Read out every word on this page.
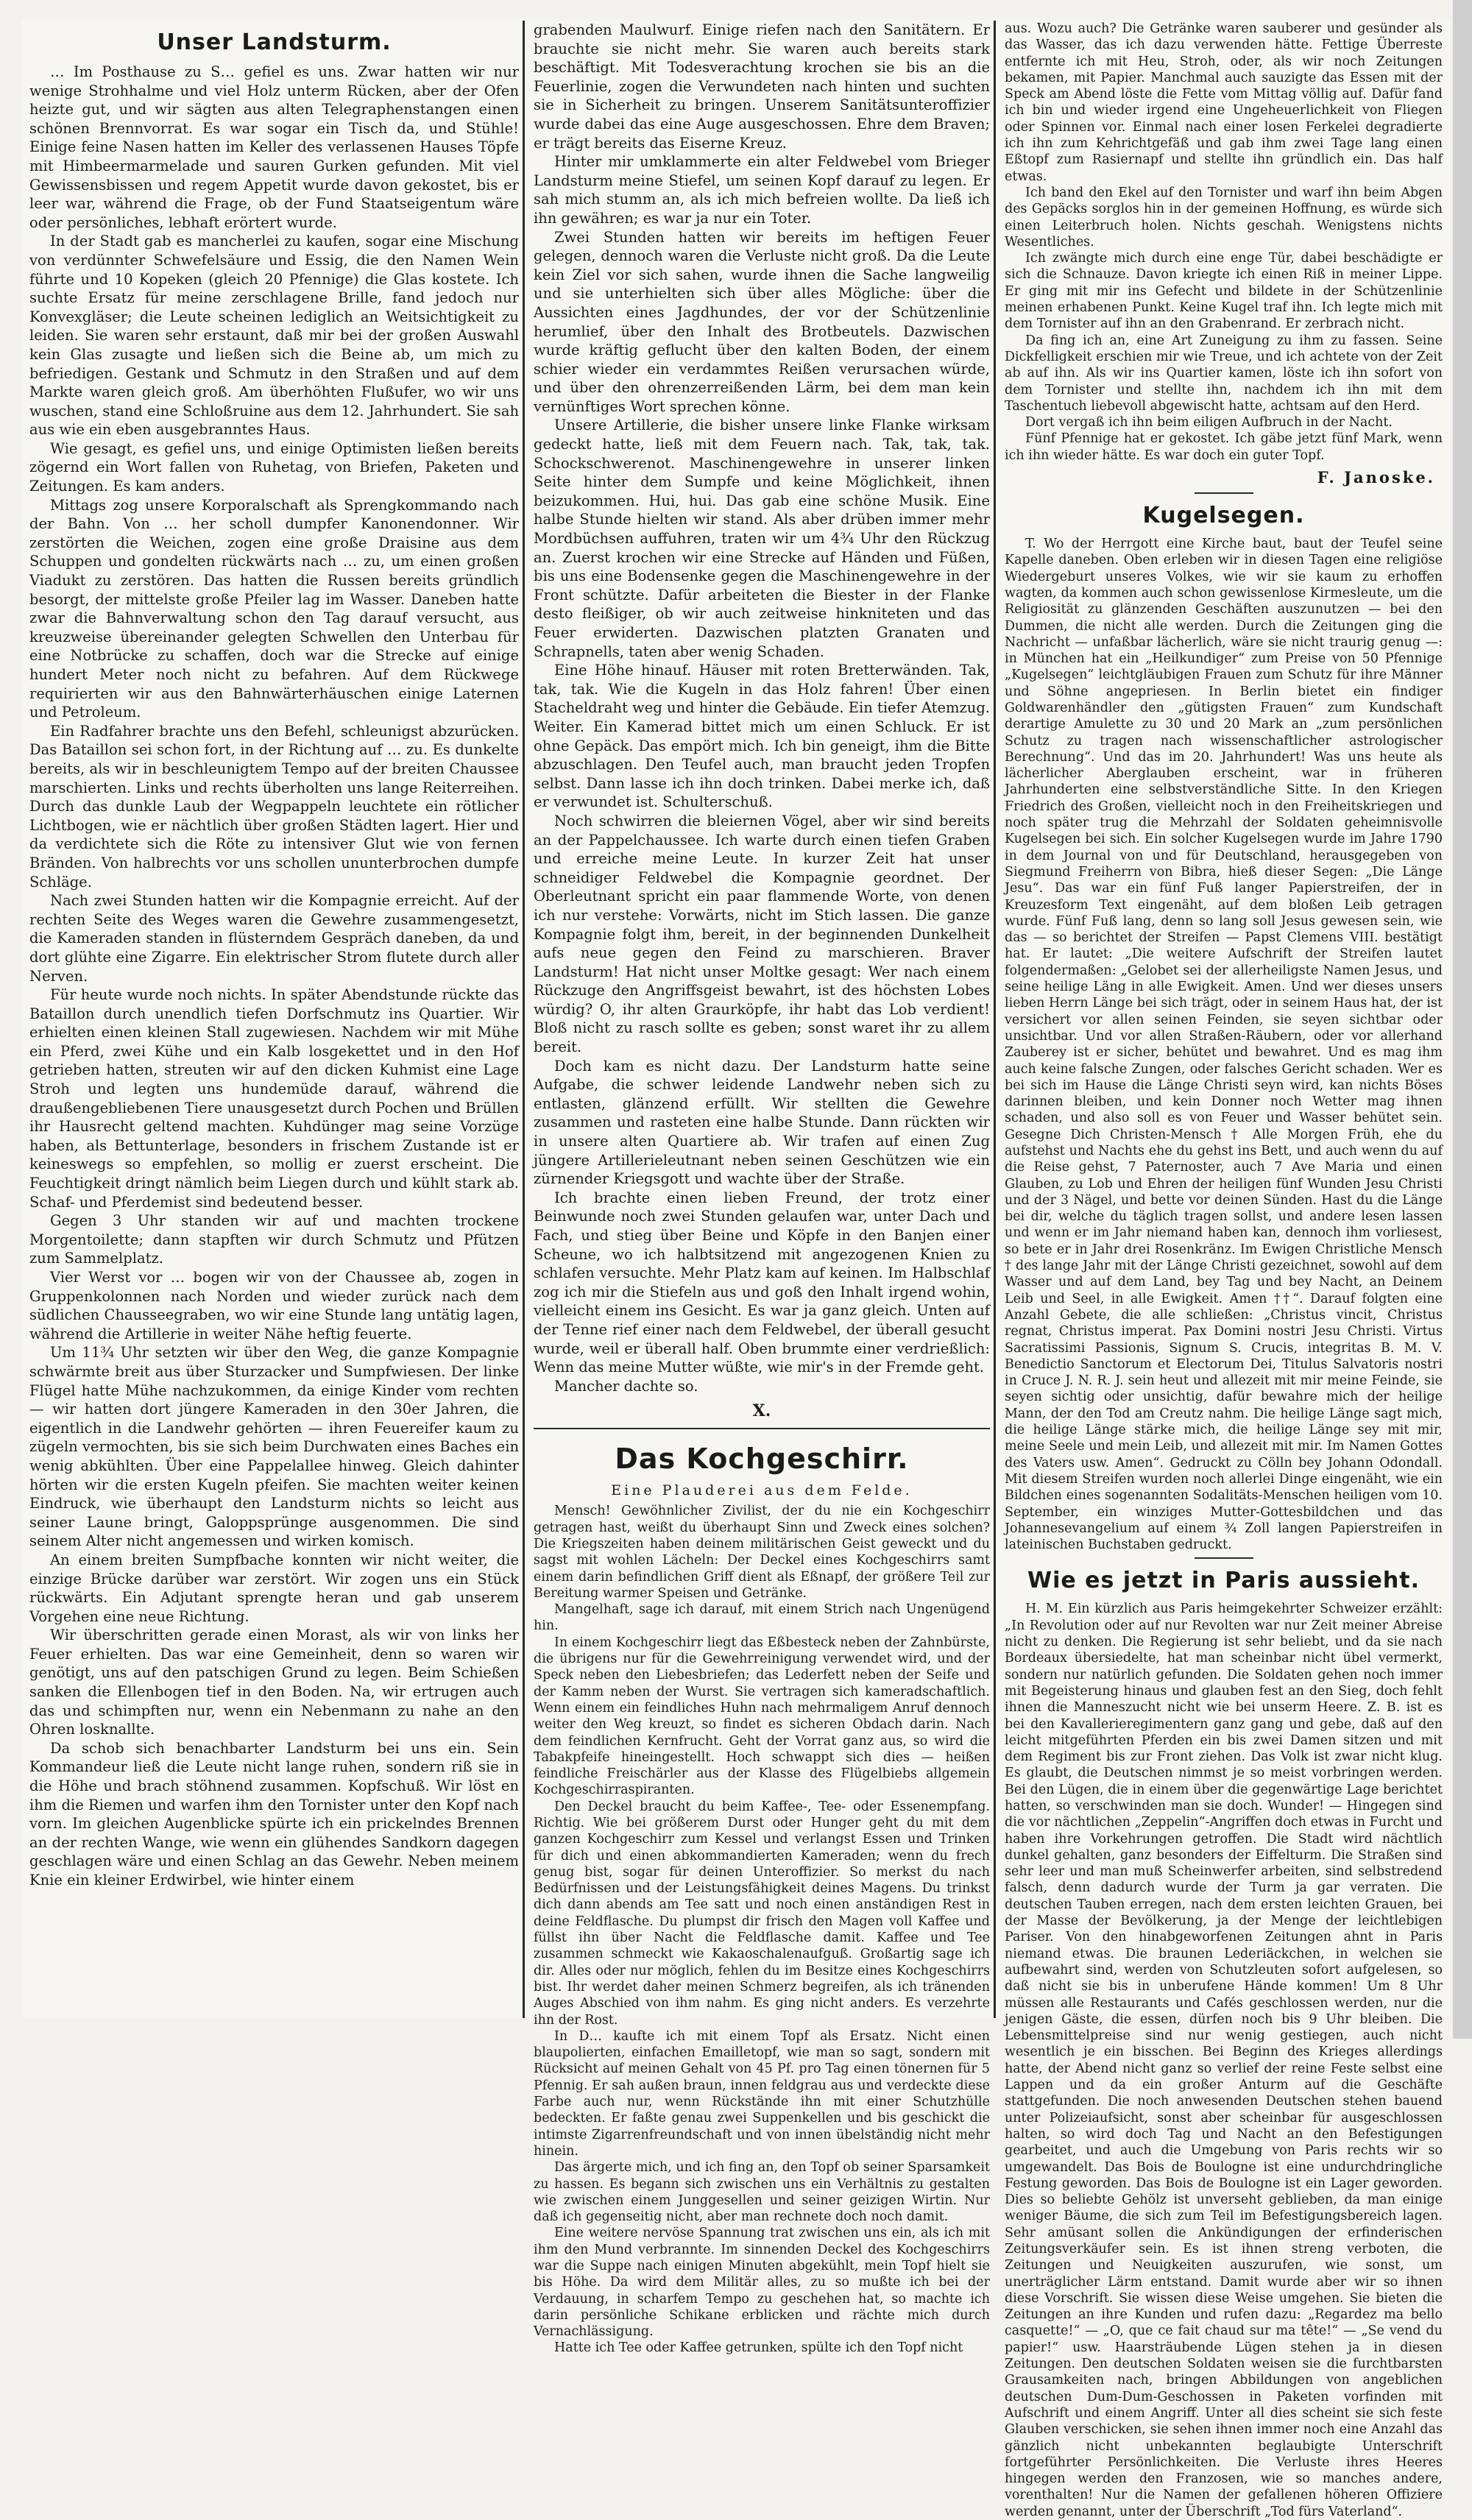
Unser Landsturm.

… Im Posthause zu S… gefiel es uns. Zwar hatten wir nur wenige Strohhalme und viel Holz unterm Rücken, aber der Ofen heizte gut, und wir sägten aus alten Telegraphenstangen einen schönen Brennvorrat. Es war sogar ein Tisch da, und Stühle! Einige feine Nasen hatten im Keller des verlassenen Hauses Töpfe mit Himbeermarmelade und sauren Gurken gefunden. Mit viel Gewissensbissen und regem Appetit wurde davon gekostet, bis er leer war, während die Frage, ob der Fund Staatseigentum wäre oder persönliches, lebhaft erörtert wurde.

In der Stadt gab es mancherlei zu kaufen, sogar eine Mischung von verdünnter Schwefelsäure und Essig, die den Namen Wein führte und 10 Kopeken (gleich 20 Pfennige) die Glas kostete. Ich suchte Ersatz für meine zerschlagene Brille, fand jedoch nur Konvexgläser; die Leute scheinen lediglich an Weitsichtigkeit zu leiden. Sie waren sehr erstaunt, daß mir bei der großen Auswahl kein Glas zusagte und ließen sich die Beine ab, um mich zu befriedigen. Gestank und Schmutz in den Straßen und auf dem Markte waren gleich groß. Am überhöhten Flußufer, wo wir uns wuschen, stand eine Schloßruine aus dem 12. Jahrhundert. Sie sah aus wie ein eben ausgebranntes Haus.

Wie gesagt, es gefiel uns, und einige Optimisten ließen bereits zögernd ein Wort fallen von Ruhetag, von Briefen, Paketen und Zeitungen. Es kam anders.

Mittags zog unsere Korporalschaft als Sprengkommando nach der Bahn. Von … her scholl dumpfer Kanonendonner. Wir zerstörten die Weichen, zogen eine große Draisine aus dem Schuppen und gondelten rückwärts nach … zu, um einen großen Viadukt zu zerstören. Das hatten die Russen bereits gründlich besorgt, der mittelste große Pfeiler lag im Wasser. Daneben hatte zwar die Bahnverwaltung schon den Tag darauf versucht, aus kreuzweise übereinander gelegten Schwellen den Unterbau für eine Notbrücke zu schaffen, doch war die Strecke auf einige hundert Meter noch nicht zu befahren. Auf dem Rückwege requirierten wir aus den Bahnwärterhäuschen einige Laternen und Petroleum.

Ein Radfahrer brachte uns den Befehl, schleunigst abzurücken. Das Bataillon sei schon fort, in der Richtung auf … zu. Es dunkelte bereits, als wir in beschleunigtem Tempo auf der breiten Chaussee marschierten. Links und rechts überholten uns lange Reiterreihen. Durch das dunkle Laub der Wegpappeln leuchtete ein rötlicher Lichtbogen, wie er nächtlich über großen Städten lagert. Hier und da verdichtete sich die Röte zu intensiver Glut wie von fernen Bränden. Von halbrechts vor uns schollen ununterbrochen dumpfe Schläge.

Nach zwei Stunden hatten wir die Kompagnie erreicht. Auf der rechten Seite des Weges waren die Gewehre zusammengesetzt, die Kameraden standen in flüsterndem Gespräch daneben, da und dort glühte eine Zigarre. Ein elektrischer Strom flutete durch aller Nerven.

Für heute wurde noch nichts. In später Abendstunde rückte das Bataillon durch unendlich tiefen Dorfschmutz ins Quartier. Wir erhielten einen kleinen Stall zugewiesen. Nachdem wir mit Mühe ein Pferd, zwei Kühe und ein Kalb losgekettet und in den Hof getrieben hatten, streuten wir auf den dicken Kuhmist eine Lage Stroh und legten uns hundemüde darauf, während die draußengebliebenen Tiere unausgesetzt durch Pochen und Brüllen ihr Hausrecht geltend machten. Kuhdünger mag seine Vorzüge haben, als Bettunterlage, besonders in frischem Zustande ist er keineswegs so empfehlen, so mollig er zuerst erscheint. Die Feuchtigkeit dringt nämlich beim Liegen durch und kühlt stark ab. Schaf- und Pferdemist sind bedeutend besser.

Gegen 3 Uhr standen wir auf und machten trockene Morgentoilette; dann stapften wir durch Schmutz und Pfützen zum Sammelplatz.

Vier Werst vor … bogen wir von der Chaussee ab, zogen in Gruppenkolonnen nach Norden und wieder zurück nach dem südlichen Chausseegraben, wo wir eine Stunde lang untätig lagen, während die Artillerie in weiter Nähe heftig feuerte.

Um 11¾ Uhr setzten wir über den Weg, die ganze Kompagnie schwärmte breit aus über Sturzacker und Sumpfwiesen. Der linke Flügel hatte Mühe nachzukommen, da einige Kinder vom rechten — wir hatten dort jüngere Kameraden in den 30er Jahren, die eigentlich in die Landwehr gehörten — ihren Feuereifer kaum zu zügeln vermochten, bis sie sich beim Durchwaten eines Baches ein wenig abkühlten. Über eine Pappelallee hinweg. Gleich dahinter hörten wir die ersten Kugeln pfeifen. Sie machten weiter keinen Eindruck, wie überhaupt den Landsturm nichts so leicht aus seiner Laune bringt, Galoppsprünge ausgenommen. Die sind seinem Alter nicht angemessen und wirken komisch.

An einem breiten Sumpfbache konnten wir nicht weiter, die einzige Brücke darüber war zerstört. Wir zogen uns ein Stück rückwärts. Ein Adjutant sprengte heran und gab unserem Vorgehen eine neue Richtung.

Wir überschritten gerade einen Morast, als wir von links her Feuer erhielten. Das war eine Gemeinheit, denn so waren wir genötigt, uns auf den patschigen Grund zu legen. Beim Schießen sanken die Ellenbogen tief in den Boden. Na, wir ertrugen auch das und schimpften nur, wenn ein Nebenmann zu nahe an den Ohren losknallte.

Da schob sich benachbarter Landsturm bei uns ein. Sein Kommandeur ließ die Leute nicht lange ruhen, sondern riß sie in die Höhe und brach stöhnend zusammen. Kopfschuß. Wir löst en ihm die Riemen und warfen ihm den Tornister unter den Kopf nach vorn. Im gleichen Augenblicke spürte ich ein prickelndes Brennen an der rechten Wange, wie wenn ein glühendes Sandkorn dagegen geschlagen wäre und einen Schlag an das Gewehr. Neben meinem Knie ein kleiner Erdwirbel, wie hinter einem

grabenden Maulwurf. Einige riefen nach den Sanitätern. Er brauchte sie nicht mehr. Sie waren auch bereits stark beschäftigt. Mit Todesverachtung krochen sie bis an die Feuerlinie, zogen die Verwundeten nach hinten und suchten sie in Sicherheit zu bringen. Unserem Sanitätsunteroffizier wurde dabei das eine Auge ausgeschossen. Ehre dem Braven; er trägt bereits das Eiserne Kreuz.

Hinter mir umklammerte ein alter Feldwebel vom Brieger Landsturm meine Stiefel, um seinen Kopf darauf zu legen. Er sah mich stumm an, als ich mich befreien wollte. Da ließ ich ihn gewähren; es war ja nur ein Toter.

Zwei Stunden hatten wir bereits im heftigen Feuer gelegen, dennoch waren die Verluste nicht groß. Da die Leute kein Ziel vor sich sahen, wurde ihnen die Sache langweilig und sie unterhielten sich über alles Mögliche: über die Aussichten eines Jagdhundes, der vor der Schützenlinie herumlief, über den Inhalt des Brotbeutels. Dazwischen wurde kräftig geflucht über den kalten Boden, der einem schier wieder ein verdammtes Reißen verursachen würde, und über den ohrenzerreißenden Lärm, bei dem man kein vernünftiges Wort sprechen könne.

Unsere Artillerie, die bisher unsere linke Flanke wirksam gedeckt hatte, ließ mit dem Feuern nach. Tak, tak, tak. Schockschwerenot. Maschinengewehre in unserer linken Seite hinter dem Sumpfe und keine Möglichkeit, ihnen beizukommen. Hui, hui. Das gab eine schöne Musik. Eine halbe Stunde hielten wir stand. Als aber drüben immer mehr Mordbüchsen auffuhren, traten wir um 4¾ Uhr den Rückzug an. Zuerst krochen wir eine Strecke auf Händen und Füßen, bis uns eine Bodensenke gegen die Maschinengewehre in der Front schützte. Dafür arbeiteten die Biester in der Flanke desto fleißiger, ob wir auch zeitweise hinkniteten und das Feuer erwiderten. Dazwischen platzten Granaten und Schrapnells, taten aber wenig Schaden.

Eine Höhe hinauf. Häuser mit roten Bretterwänden. Tak, tak, tak. Wie die Kugeln in das Holz fahren! Über einen Stacheldraht weg und hinter die Gebäude. Ein tiefer Atemzug. Weiter. Ein Kamerad bittet mich um einen Schluck. Er ist ohne Gepäck. Das empört mich. Ich bin geneigt, ihm die Bitte abzuschlagen. Den Teufel auch, man braucht jeden Tropfen selbst. Dann lasse ich ihn doch trinken. Dabei merke ich, daß er verwundet ist. Schulterschuß.

Noch schwirren die bleiernen Vögel, aber wir sind bereits an der Pappelchaussee. Ich warte durch einen tiefen Graben und erreiche meine Leute. In kurzer Zeit hat unser schneidiger Feldwebel die Kompagnie geordnet. Der Oberleutnant spricht ein paar flammende Worte, von denen ich nur verstehe: Vorwärts, nicht im Stich lassen. Die ganze Kompagnie folgt ihm, bereit, in der beginnenden Dunkelheit aufs neue gegen den Feind zu marschieren. Braver Landsturm! Hat nicht unser Moltke gesagt: Wer nach einem Rückzuge den Angriffsgeist bewahrt, ist des höchsten Lobes würdig? O, ihr alten Graurköpfe, ihr habt das Lob verdient! Bloß nicht zu rasch sollte es geben; sonst waret ihr zu allem bereit.

Doch kam es nicht dazu. Der Landsturm hatte seine Aufgabe, die schwer leidende Landwehr neben sich zu entlasten, glänzend erfüllt. Wir stellten die Gewehre zusammen und rasteten eine halbe Stunde. Dann rückten wir in unsere alten Quartiere ab. Wir trafen auf einen Zug jüngere Artillerieleutnant neben seinen Geschützen wie ein zürnender Kriegsgott und wachte über der Straße.

Ich brachte einen lieben Freund, der trotz einer Beinwunde noch zwei Stunden gelaufen war, unter Dach und Fach, und stieg über Beine und Köpfe in den Banjen einer Scheune, wo ich halbtsitzend mit angezogenen Knien zu schlafen versuchte. Mehr Platz kam auf keinen. Im Halbschlaf zog ich mir die Stiefeln aus und goß den Inhalt irgend wohin, vielleicht einem ins Gesicht. Es war ja ganz gleich. Unten auf der Tenne rief einer nach dem Feldwebel, der überall gesucht wurde, weil er überall half. Oben brummte einer verdrießlich: Wenn das meine Mutter wüßte, wie mir's in der Fremde geht.

Mancher dachte so.

X.
Das Kochgeschirr.
Eine Plauderei aus dem Felde.

Mensch! Gewöhnlicher Zivilist, der du nie ein Kochgeschirr getragen hast, weißt du überhaupt Sinn und Zweck eines solchen? Die Kriegszeiten haben deinem militärischen Geist geweckt und du sagst mit wohlen Lächeln: Der Deckel eines Kochgeschirrs samt einem darin befindlichen Griff dient als Eßnapf, der größere Teil zur Bereitung warmer Speisen und Getränke.

Mangelhaft, sage ich darauf, mit einem Strich nach Ungenügend hin.

In einem Kochgeschirr liegt das Eßbesteck neben der Zahnbürste, die übrigens nur für die Gewehrreinigung verwendet wird, und der Speck neben den Liebesbriefen; das Lederfett neben der Seife und der Kamm neben der Wurst. Sie vertragen sich kameradschaftlich. Wenn einem ein feindliches Huhn nach mehrmaligem Anruf dennoch weiter den Weg kreuzt, so findet es sicheren Obdach darin. Nach dem feindlichen Kernfrucht. Geht der Vorrat ganz aus, so wird die Tabakpfeife hineingestellt. Hoch schwappt sich dies — heißen feindliche Freischärler aus der Klasse des Flügelbiebs allgemein Kochgeschirraspiranten.

Den Deckel braucht du beim Kaffee-, Tee- oder Essenempfang. Richtig. Wie bei größerem Durst oder Hunger geht du mit dem ganzen Kochgeschirr zum Kessel und verlangst Essen und Trinken für dich und einen abkommandierten Kameraden; wenn du frech genug bist, sogar für deinen Unteroffizier. So merkst du nach Bedürfnissen und der Leistungsfähigkeit deines Magens. Du trinkst dich dann abends am Tee satt und noch einen anständigen Rest in deine Feldflasche. Du plumpst dir frisch den Magen voll Kaffee und füllst ihn über Nacht die Feldflasche damit. Kaffee und Tee zusammen schmeckt wie Kakaoschalenaufguß. Großartig sage ich dir. Alles oder nur möglich, fehlen du im Besitze eines Kochgeschirrs bist. Ihr werdet daher meinen Schmerz begreifen, als ich tränenden Auges Abschied von ihm nahm. Es ging nicht anders. Es verzehrte ihn der Rost.

In D… kaufte ich mit einem Topf als Ersatz. Nicht einen blaupolierten, einfachen Emailletopf, wie man so sagt, sondern mit Rücksicht auf meinen Gehalt von 45 Pf. pro Tag einen tönernen für 5 Pfennig. Er sah außen braun, innen feldgrau aus und verdeckte diese Farbe auch nur, wenn Rückstände ihn mit einer Schutzhülle bedeckten. Er faßte genau zwei Suppenkellen und bis geschickt die intimste Zigarrenfreundschaft und von innen übelständig nicht mehr hinein.

Das ärgerte mich, und ich fing an, den Topf ob seiner Sparsamkeit zu hassen. Es begann sich zwischen uns ein Verhältnis zu gestalten wie zwischen einem Junggesellen und seiner geizigen Wirtin. Nur daß ich gegenseitig nicht, aber man rechnete doch noch damit.

Eine weitere nervöse Spannung trat zwischen uns ein, als ich mit ihm den Mund verbrannte. Im sinnenden Deckel des Kochgeschirrs war die Suppe nach einigen Minuten abgekühlt, mein Topf hielt sie bis Höhe. Da wird dem Militär alles, zu so mußte ich bei der Verdauung, in scharfem Tempo zu geschehen hat, so machte ich darin persönliche Schikane erblicken und rächte mich durch Vernachlässigung.

Hatte ich Tee oder Kaffee getrunken, spülte ich den Topf nicht

aus. Wozu auch? Die Getränke waren sauberer und gesünder als das Wasser, das ich dazu verwenden hätte. Fettige Überreste entfernte ich mit Heu, Stroh, oder, als wir noch Zeitungen bekamen, mit Papier. Manchmal auch sauzigte das Essen mit der Speck am Abend löste die Fette vom Mittag völlig auf. Dafür fand ich bin und wieder irgend eine Ungeheuerlichkeit von Fliegen oder Spinnen vor. Einmal nach einer losen Ferkelei degradierte ich ihn zum Kehrichtgefäß und gab ihm zwei Tage lang einen Eßtopf zum Rasiernapf und stellte ihn gründlich ein. Das half etwas.

Ich band den Ekel auf den Tornister und warf ihn beim Abgen des Gepäcks sorglos hin in der gemeinen Hoffnung, es würde sich einen Leiterbruch holen. Nichts geschah. Wenigstens nichts Wesentliches.

Ich zwängte mich durch eine enge Tür, dabei beschädigte er sich die Schnauze. Davon kriegte ich einen Riß in meiner Lippe. Er ging mit mir ins Gefecht und bildete in der Schützenlinie meinen erhabenen Punkt. Keine Kugel traf ihn. Ich legte mich mit dem Tornister auf ihn an den Grabenrand. Er zerbrach nicht.

Da fing ich an, eine Art Zuneigung zu ihm zu fassen. Seine Dickfelligkeit erschien mir wie Treue, und ich achtete von der Zeit ab auf ihn. Als wir ins Quartier kamen, löste ich ihn sofort von dem Tornister und stellte ihn, nachdem ich ihn mit dem Taschentuch liebevoll abgewischt hatte, achtsam auf den Herd.

Dort vergaß ich ihn beim eiligen Aufbruch in der Nacht.

Fünf Pfennige hat er gekostet. Ich gäbe jetzt fünf Mark, wenn ich ihn wieder hätte. Es war doch ein guter Topf.

F. Janoske.
Kugelsegen.

T. Wo der Herrgott eine Kirche baut, baut der Teufel seine Kapelle daneben. Oben erleben wir in diesen Tagen eine religiöse Wiedergeburt unseres Volkes, wie wir sie kaum zu erhoffen wagten, da kommen auch schon gewissenlose Kirmesleute, um die Religiosität zu glänzenden Geschäften auszunutzen — bei den Dummen, die nicht alle werden. Durch die Zeitungen ging die Nachricht — unfaßbar lächerlich, wäre sie nicht traurig genug —: in München hat ein „Heilkundiger“ zum Preise von 50 Pfennige „Kugelsegen“ leichtgläubigen Frauen zum Schutz für ihre Männer und Söhne angepriesen. In Berlin bietet ein findiger Goldwarenhändler den „gütigsten Frauen“ zum Kundschaft derartige Amulette zu 30 und 20 Mark an „zum persönlichen Schutz zu tragen nach wissenschaftlicher astrologischer Berechnung“. Und das im 20. Jahrhundert! Was uns heute als lächerlicher Aberglauben erscheint, war in früheren Jahrhunderten eine selbstverständliche Sitte. In den Kriegen Friedrich des Großen, vielleicht noch in den Freiheitskriegen und noch später trug die Mehrzahl der Soldaten geheimnisvolle Kugelsegen bei sich. Ein solcher Kugelsegen wurde im Jahre 1790 in dem Journal von und für Deutschland, herausgegeben von Siegmund Freiherrn von Bibra, hieß dieser Segen: „Die Länge Jesu“. Das war ein fünf Fuß langer Papierstreifen, der in Kreuzesform Text eingenäht, auf dem bloßen Leib getragen wurde. Fünf Fuß lang, denn so lang soll Jesus gewesen sein, wie das — so berichtet der Streifen — Papst Clemens VIII. bestätigt hat. Er lautet: „Die weitere Aufschrift der Streifen lautet folgendermaßen: „Gelobet sei der allerheiligste Namen Jesus, und seine heilige Läng in alle Ewigkeit. Amen. Und wer dieses unsers lieben Herrn Länge bei sich trägt, oder in seinem Haus hat, der ist versichert vor allen seinen Feinden, sie seyen sichtbar oder unsichtbar. Und vor allen Straßen-Räubern, oder vor allerhand Zauberey ist er sicher, behütet und bewahret. Und es mag ihm auch keine falsche Zungen, oder falsches Gericht schaden. Wer es bei sich im Hause die Länge Christi seyn wird, kan nichts Böses darinnen bleiben, und kein Donner noch Wetter mag ihnen schaden, und also soll es von Feuer und Wasser behütet sein. Gesegne Dich Christen-Mensch † Alle Morgen Früh, ehe du aufstehst und Nachts ehe du gehst ins Bett, und auch wenn du auf die Reise gehst, 7 Paternoster, auch 7 Ave Maria und einen Glauben, zu Lob und Ehren der heiligen fünf Wunden Jesu Christi und der 3 Nägel, und bette vor deinen Sünden. Hast du die Länge bei dir, welche du täglich tragen sollst, und andere lesen lassen und wenn er im Jahr niemand haben kan, dennoch ihm vorliesest, so bete er in Jahr drei Rosenkränz. Im Ewigen Christliche Mensch † des lange Jahr mit der Länge Christi gezeichnet, sowohl auf dem Wasser und auf dem Land, bey Tag und bey Nacht, an Deinem Leib und Seel, in alle Ewigkeit. Amen ††“. Darauf folgten eine Anzahl Gebete, die alle schließen: „Christus vincit, Christus regnat, Christus imperat. Pax Domini nostri Jesu Christi. Virtus Sacratissimi Passionis, Signum S. Crucis, integritas B. M. V. Benedictio Sanctorum et Electorum Dei, Titulus Salvatoris nostri in Cruce J. N. R. J. sein heut und allezeit mit mir meine Feinde, sie seyen sichtig oder unsichtig, dafür bewahre mich der heilige Mann, der den Tod am Creutz nahm. Die heilige Länge sagt mich, die heilige Länge stärke mich, die heilige Länge sey mit mir, meine Seele und mein Leib, und allezeit mit mir. Im Namen Gottes des Vaters usw. Amen“. Gedruckt zu Cölln bey Johann Odondall. Mit diesem Streifen wurden noch allerlei Dinge eingenäht, wie ein Bildchen eines sogenannten Sodalitäts-Menschen heiligen vom 10. September, ein winziges Mutter-Gottesbildchen und das Johannesevangelium auf einem ¾ Zoll langen Papierstreifen in lateinischen Buchstaben gedruckt.

Wie es jetzt in Paris aussieht.

H. M. Ein kürzlich aus Paris heimgekehrter Schweizer erzählt: „In Revolution oder auf nur Revolten war nur Zeit meiner Abreise nicht zu denken. Die Regierung ist sehr beliebt, und da sie nach Bordeaux übersiedelte, hat man scheinbar nicht übel vermerkt, sondern nur natürlich gefunden. Die Soldaten gehen noch immer mit Begeisterung hinaus und glauben fest an den Sieg, doch fehlt ihnen die Manneszucht nicht wie bei unserm Heere. Z. B. ist es bei den Kavallerieregimentern ganz gang und gebe, daß auf den leicht mitgeführten Pferden ein bis zwei Damen sitzen und mit dem Regiment bis zur Front ziehen. Das Volk ist zwar nicht klug. Es glaubt, die Deutschen nimmst je so meist vorbringen werden. Bei den Lügen, die in einem über die gegenwärtige Lage berichtet hatten, so verschwinden man sie doch. Wunder! — Hingegen sind die vor nächtlichen „Zeppelin“-Angriffen doch etwas in Furcht und haben ihre Vorkehrungen getroffen. Die Stadt wird nächtlich dunkel gehalten, ganz besonders der Eiffelturm. Die Straßen sind sehr leer und man muß Scheinwerfer arbeiten, sind selbstredend falsch, denn dadurch wurde der Turm ja gar verraten. Die deutschen Tauben erregen, nach dem ersten leichten Grauen, bei der Masse der Bevölkerung, ja der Menge der leichtlebigen Pariser. Von den hinabgeworfenen Zeitungen ahnt in Paris niemand etwas. Die braunen Lederiäckchen, in welchen sie aufbewahrt sind, werden von Schutzleuten sofort aufgelesen, so daß nicht sie bis in unberufene Hände kommen! Um 8 Uhr müssen alle Restaurants und Cafés geschlossen werden, nur die jenigen Gäste, die essen, dürfen noch bis 9 Uhr bleiben. Die Lebensmittelpreise sind nur wenig gestiegen, auch nicht wesentlich je ein bisschen. Bei Beginn des Krieges allerdings hatte, der Abend nicht ganz so verlief der reine Feste selbst eine Lappen und da ein großer Anturm auf die Geschäfte stattgefunden. Die noch anwesenden Deutschen stehen bauend unter Polizeiaufsicht, sonst aber scheinbar für ausgeschlossen halten, so wird doch Tag und Nacht an den Befestigungen gearbeitet, und auch die Umgebung von Paris rechts wir so umgewandelt. Das Bois de Boulogne ist eine undurchdringliche Festung geworden. Das Bois de Boulogne ist ein Lager geworden. Dies so beliebte Gehölz ist unverseht geblieben, da man einige weniger Bäume, die sich zum Teil im Befestigungsbereich lagen. Sehr amüsant sollen die Ankündigungen der erfinderischen Zeitungsverkäufer sein. Es ist ihnen streng verboten, die Zeitungen und Neuigkeiten auszurufen, wie sonst, um unerträglicher Lärm entstand. Damit wurde aber wir so ihnen diese Vorschrift. Sie wissen diese Weise umgehen. Sie bieten die Zeitungen an ihre Kunden und rufen dazu: „Regardez ma bello casquette!“ — „O, que ce fait chaud sur ma tête!“ — „Se vend du papier!“ usw. Haarsträubende Lügen stehen ja in diesen Zeitungen. Den deutschen Soldaten weisen sie die furchtbarsten Grausamkeiten nach, bringen Abbildungen von angeblichen deutschen Dum-Dum-Geschossen in Paketen vorfinden mit Aufschrift und einem Angriff. Unter all dies scheint sie sich feste Glauben verschicken, sie sehen ihnen immer noch eine Anzahl das gänzlich nicht unbekannten beglaubigte Unterschrift fortgeführter Persönlichkeiten. Die Verluste ihres Heeres hingegen werden den Franzosen, wie so manches andere, vorenthalten! Nur die Namen der gefallenen höheren Offiziere werden genannt, unter der Überschrift „Tod fürs Vaterland“.
